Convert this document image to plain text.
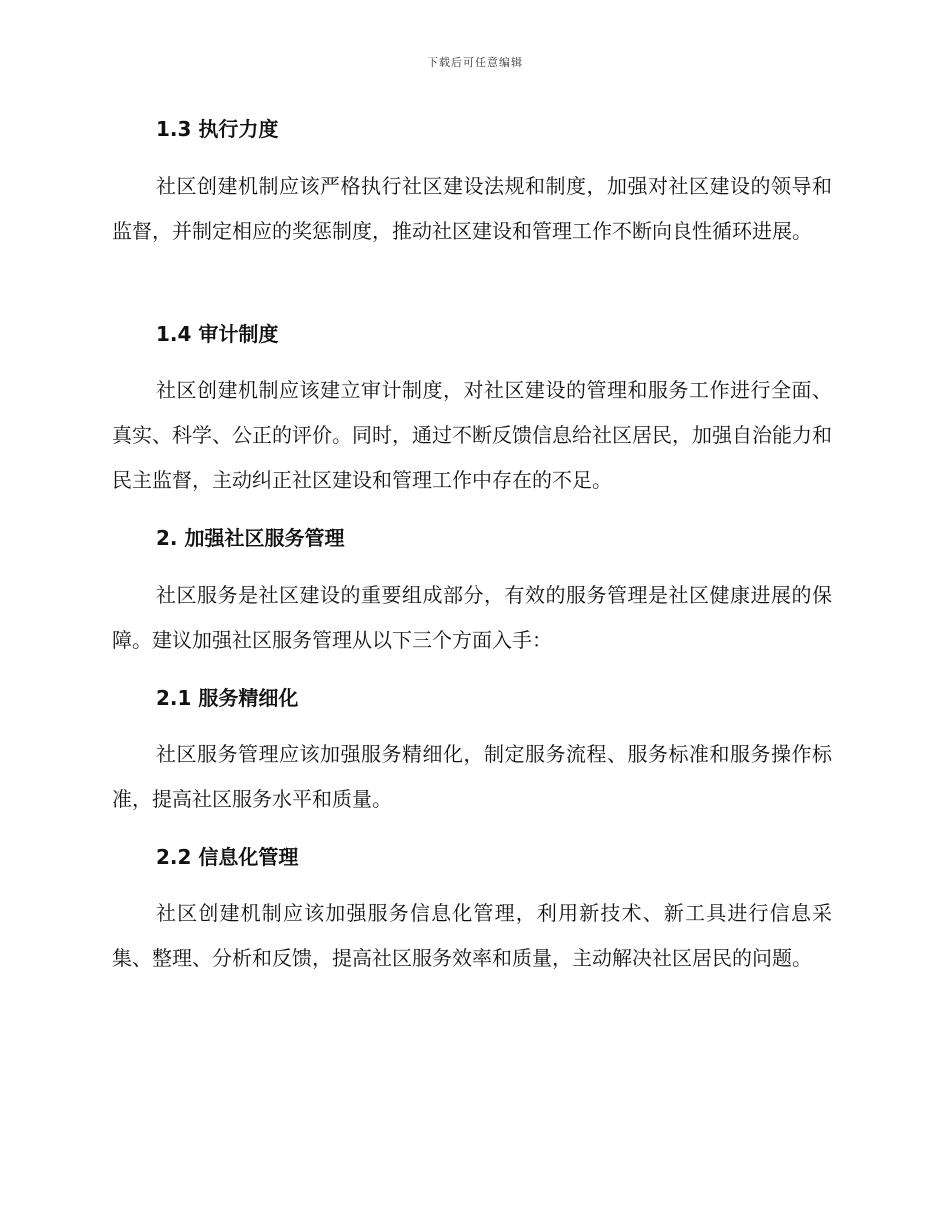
下载后可任意编辑
1.3 执行力度

社区创建机制应该严格执行社区建设法规和制度，加强对社区建设的领导和监督，并制定相应的奖惩制度，推动社区建设和管理工作不断向良性循环进展。

1.4 审计制度

社区创建机制应该建立审计制度，对社区建设的管理和服务工作进行全面、真实、科学、公正的评价。同时，通过不断反馈信息给社区居民，加强自治能力和民主监督，主动纠正社区建设和管理工作中存在的不足。

2. 加强社区服务管理

社区服务是社区建设的重要组成部分，有效的服务管理是社区健康进展的保障。建议加强社区服务管理从以下三个方面入手：

2.1 服务精细化

社区服务管理应该加强服务精细化，制定服务流程、服务标准和服务操作标准，提高社区服务水平和质量。

2.2 信息化管理

社区创建机制应该加强服务信息化管理，利用新技术、新工具进行信息采集、整理、分析和反馈，提高社区服务效率和质量，主动解决社区居民的问题。
